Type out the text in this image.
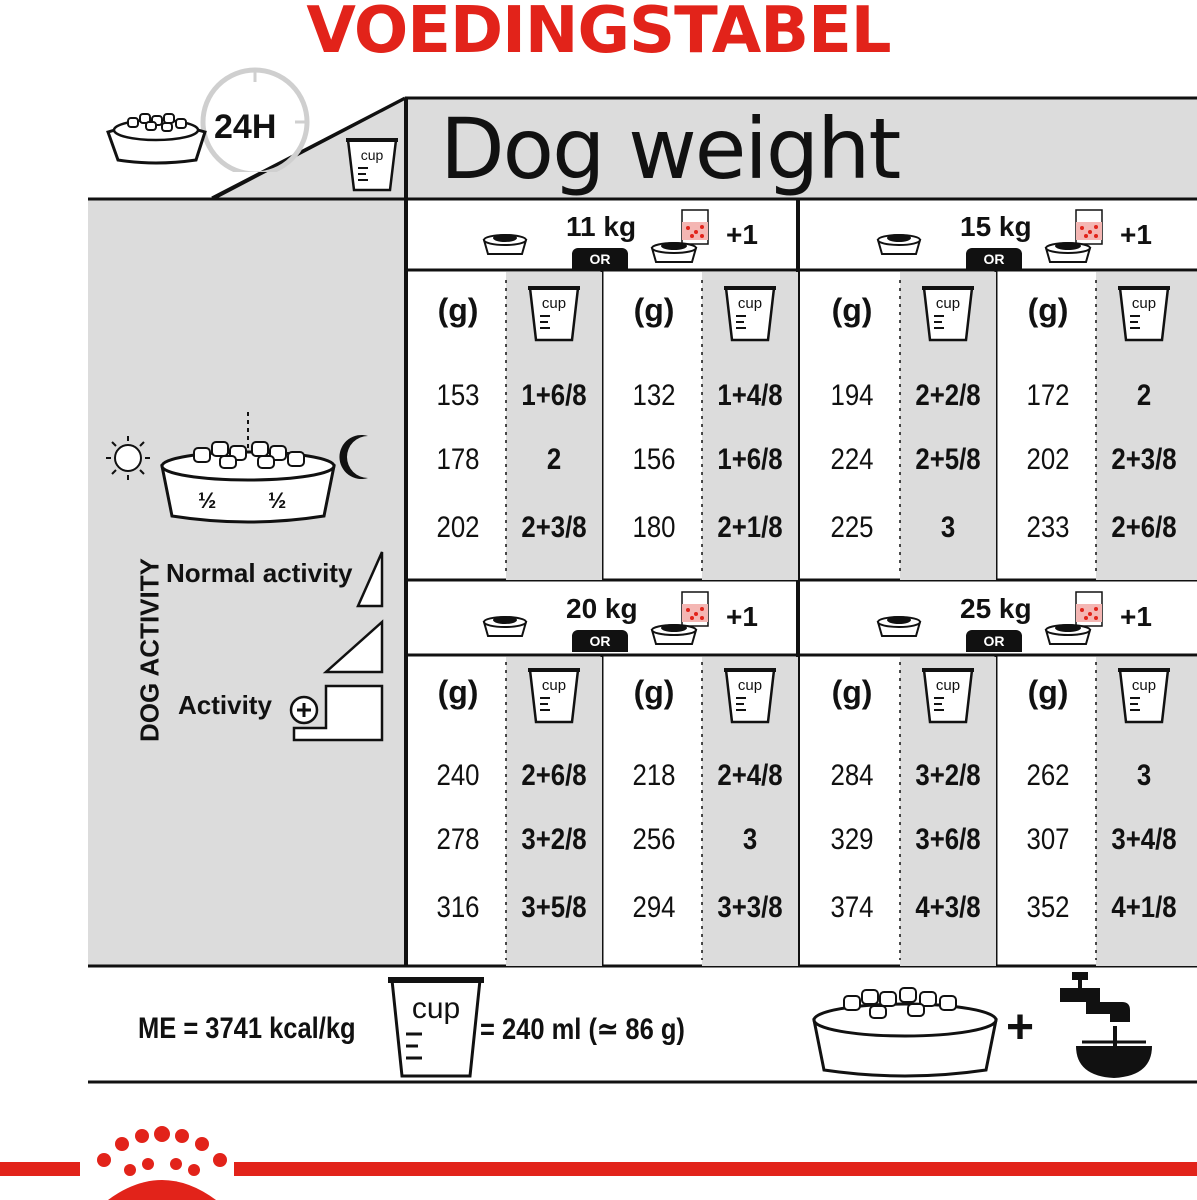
VOEDINGSTABEL
24H
cup Dog weight
½ ½
DOG ACTIVITY Normal activity
Activity
11 kg
OR
+1
(g)	cup	(g)	cup
153	1+6/8	132	1+4/8
178	2	156	1+6/8
202	2+3/8	180	2+1/8
15 kg
OR
+1
(g)	cup	(g)	cup
194	2+2/8	172	2
224	2+5/8	202	2+3/8
225	3	233	2+6/8
20 kg
OR
+1
(g)	cup	(g)	cup
240	2+6/8	218	2+4/8
278	3+2/8	256	3
316	3+5/8	294	3+3/8
25 kg
OR
+1
(g)	cup	(g)	cup
284	3+2/8	262	3
329	3+6/8	307	3+4/8
374	4+3/8	352	4+1/8
ME = 3741 kcal/kg
cup
= 240 ml (≃ 86 g)	+
